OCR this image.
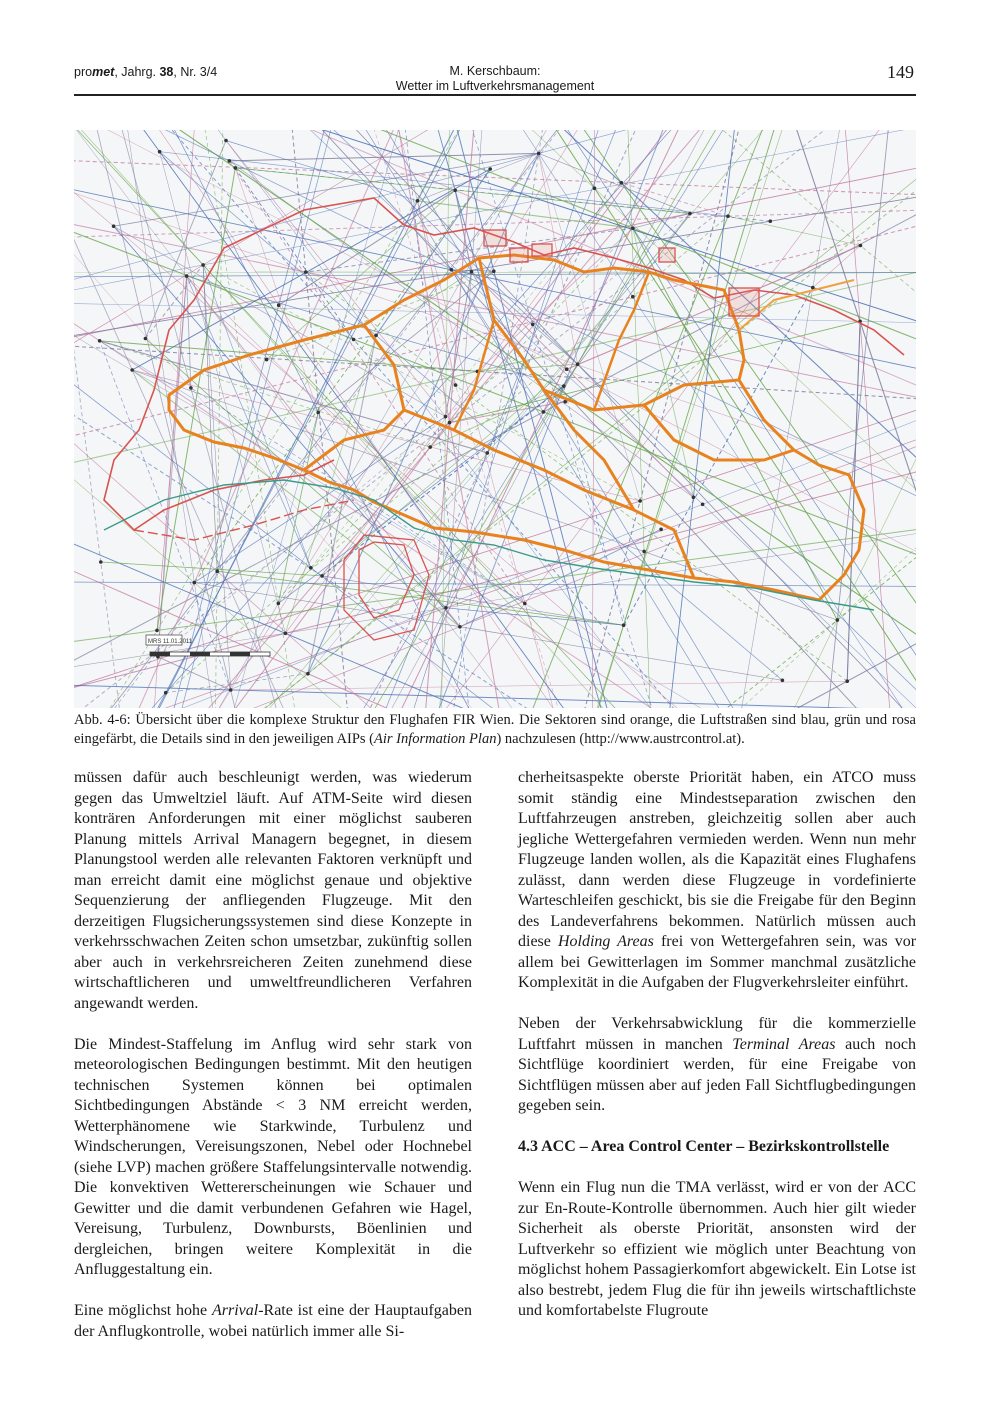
promet, Jahrg. 38, Nr. 3/4	M. Kerschbaum:
Wetter im Luftverkehrsmanagement
149
MRS 11.01.2011
Abb. 4-6: Übersicht über die komplexe Struktur den Flughafen FIR Wien. Die Sektoren sind orange, die Luftstraßen sind blau, grün und rosa eingefärbt, die Details sind in den jeweiligen AIPs (Air Information Plan) nachzulesen (http://www.austrcontrol.at).

müssen dafür auch beschleunigt werden, was wiederum gegen das Umweltziel läuft. Auf ATM-Seite wird diesen konträren Anforderungen mit einer möglichst sauberen Planung mittels Arrival Managern begegnet, in diesem Planungstool werden alle relevanten Faktoren verknüpft und man erreicht damit eine möglichst genaue und objektive Sequenzierung der anfliegenden Flugzeuge. Mit den derzeitigen Flugsicherungssystemen sind diese Konzepte in verkehrsschwachen Zeiten schon umsetzbar, zukünftig sollen aber auch in verkehrsreicheren Zeiten zunehmend diese wirtschaftlicheren und umweltfreundlicheren Verfahren angewandt werden.

Die Mindest-Staffelung im Anflug wird sehr stark von meteorologischen Bedingungen bestimmt. Mit den heutigen technischen Systemen können bei optimalen Sichtbedingungen Abstände < 3 NM erreicht werden, Wetterphänomene wie Starkwinde, Turbulenz und Windscherungen, Vereisungszonen, Nebel oder Hochnebel (siehe LVP) machen größere Staffelungsintervalle notwendig. Die konvektiven Wettererscheinungen wie Schauer und Gewitter und die damit verbundenen Gefahren wie Hagel, Vereisung, Turbulenz, Downbursts, Böenlinien und dergleichen, bringen weitere Komplexität in die Anfluggestaltung ein.

Eine möglichst hohe Arrival-Rate ist eine der Hauptaufgaben der Anflugkontrolle, wobei natürlich immer alle Si-

cherheitsaspekte oberste Priorität haben, ein ATCO muss somit ständig eine Mindestseparation zwischen den Luftfahrzeugen anstreben, gleichzeitig sollen aber auch jegliche Wettergefahren vermieden werden. Wenn nun mehr Flugzeuge landen wollen, als die Kapazität eines Flughafens zulässt, dann werden diese Flugzeuge in vordefinierte Warteschleifen geschickt, bis sie die Freigabe für den Beginn des Landeverfahrens bekommen. Natürlich müssen auch diese Holding Areas frei von Wettergefahren sein, was vor allem bei Gewitterlagen im Sommer manchmal zusätzliche Komplexität in die Aufgaben der Flugverkehrsleiter einführt.

Neben der Verkehrsabwicklung für die kommerzielle Luftfahrt müssen in manchen Terminal Areas auch noch Sichtflüge koordiniert werden, für eine Freigabe von Sichtflügen müssen aber auf jeden Fall Sichtflugbedingungen gegeben sein.

4.3 ACC – Area Control Center – Bezirkskontrollstelle

Wenn ein Flug nun die TMA verlässt, wird er von der ACC zur En-Route-Kontrolle übernommen. Auch hier gilt wieder Sicherheit als oberste Priorität, ansonsten wird der Luftverkehr so effizient wie möglich unter Beachtung von möglichst hohem Passagierkomfort abgewickelt. Ein Lotse ist also bestrebt, jedem Flug die für ihn jeweils wirtschaftlichste und komfortabelste Flugroute
